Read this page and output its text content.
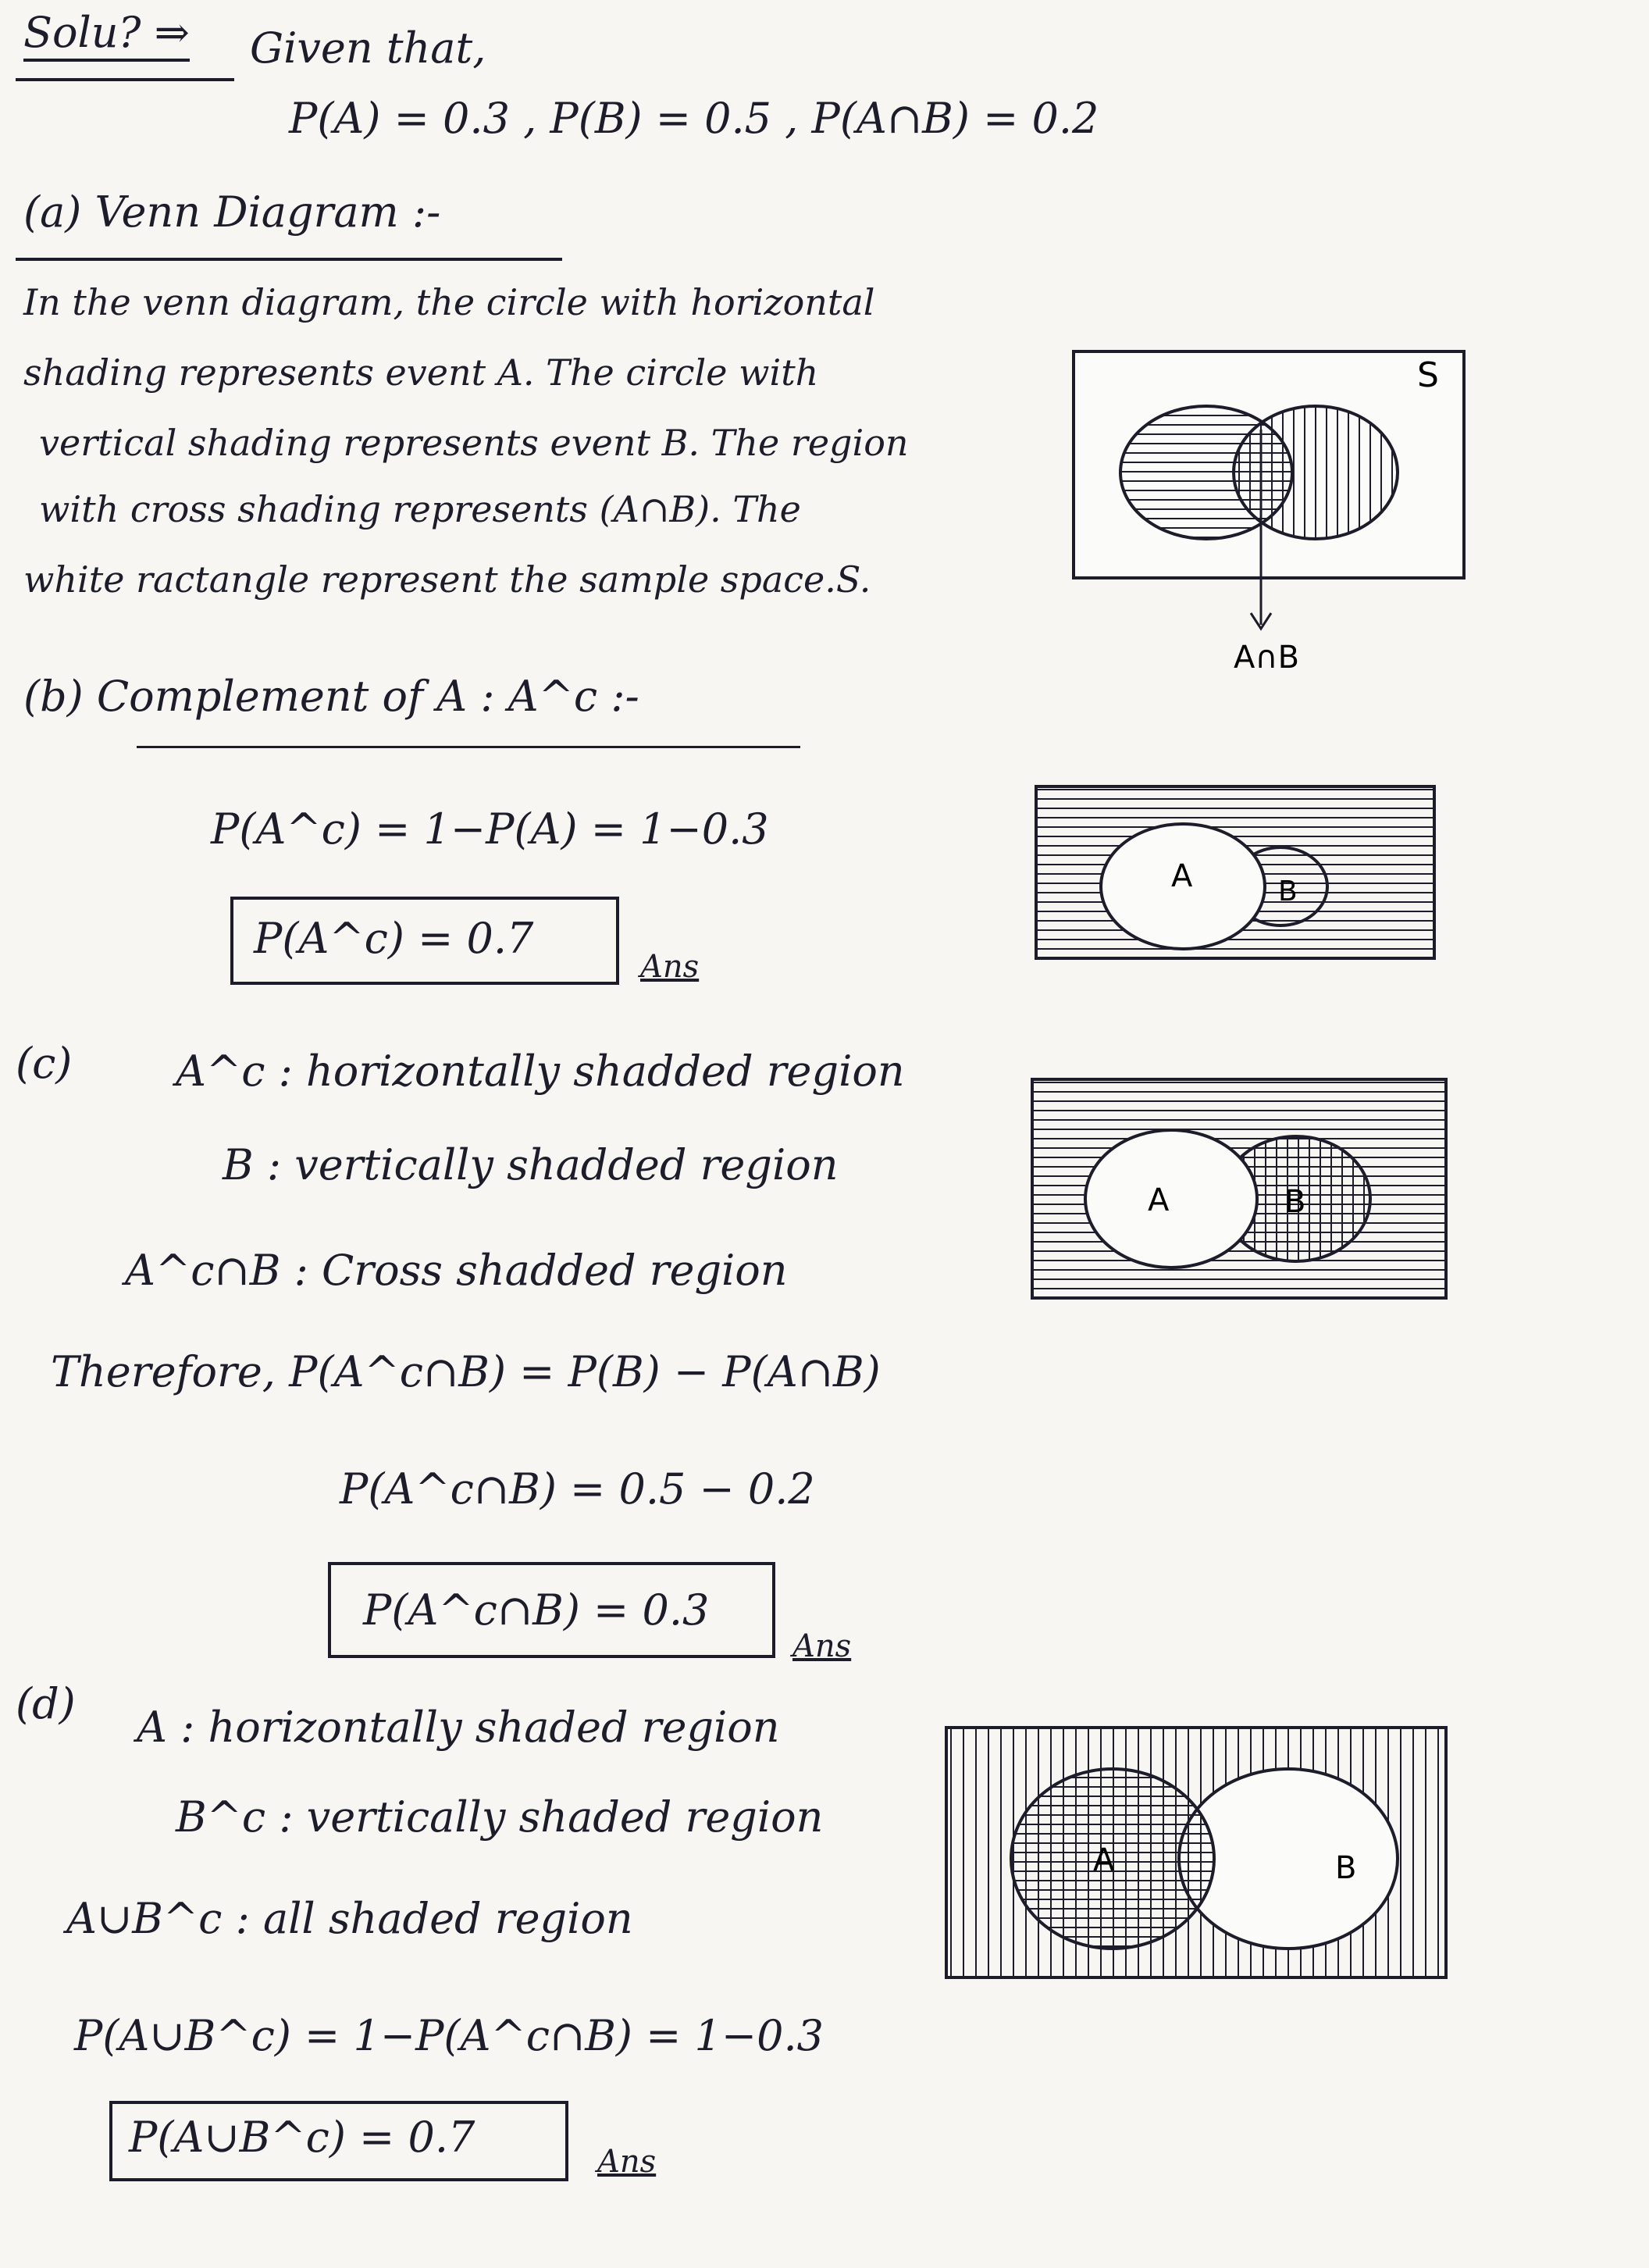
Solu? ⇒ Given that,
P(A) = 0.3 , P(B) = 0.5 , P(A∩B) = 0.2
(a) Venn Diagram :-
In the venn diagram, the circle with horizontal
shading represents event A. The circle with
vertical shading represents event B. The region
with cross shading represents (A∩B). The
white ractangle represent the sample space.S.
S
A∩B
(b) Complement of A : A^c :-
P(A^c) = 1−P(A) = 1−0.3
P(A^c) = 0.7
Ans
A	B
(c) A^c : horizontally shadded region
B : vertically shadded region
A^c∩B : Cross shadded region
Therefore, P(A^c∩B) = P(B) − P(A∩B)
P(A^c∩B) = 0.5 − 0.2
P(A^c∩B) = 0.3
Ans
A	B
(d) A : horizontally shaded region
B^c : vertically shaded region
A∪B^c : all shaded region
P(A∪B^c) = 1−P(A^c∩B) = 1−0.3
P(A∪B^c) = 0.7	Ans
A	B
